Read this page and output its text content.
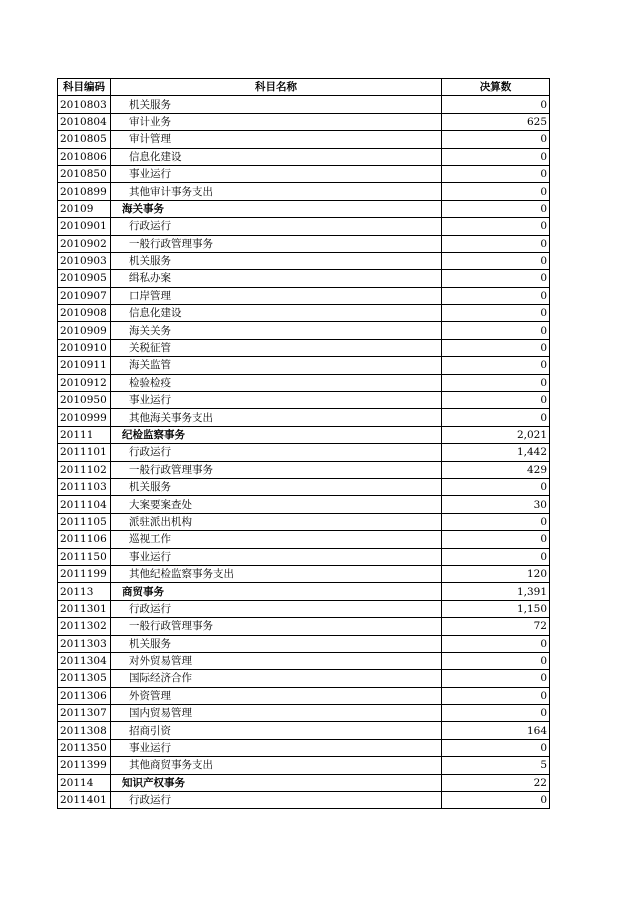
科目编码	科目名称	决算数
2010803	机关服务	0
2010804	审计业务	625
2010805	审计管理	0
2010806	信息化建设	0
2010850	事业运行	0
2010899	其他审计事务支出	0
20109	海关事务	0
2010901	行政运行	0
2010902	一般行政管理事务	0
2010903	机关服务	0
2010905	缉私办案	0
2010907	口岸管理	0
2010908	信息化建设	0
2010909	海关关务	0
2010910	关税征管	0
2010911	海关监管	0
2010912	检验检疫	0
2010950	事业运行	0
2010999	其他海关事务支出	0
20111	纪检监察事务	2,021
2011101	行政运行	1,442
2011102	一般行政管理事务	429
2011103	机关服务	0
2011104	大案要案查处	30
2011105	派驻派出机构	0
2011106	巡视工作	0
2011150	事业运行	0
2011199	其他纪检监察事务支出	120
20113	商贸事务	1,391
2011301	行政运行	1,150
2011302	一般行政管理事务	72
2011303	机关服务	0
2011304	对外贸易管理	0
2011305	国际经济合作	0
2011306	外资管理	0
2011307	国内贸易管理	0
2011308	招商引资	164
2011350	事业运行	0
2011399	其他商贸事务支出	5
20114	知识产权事务	22
2011401	行政运行	0
